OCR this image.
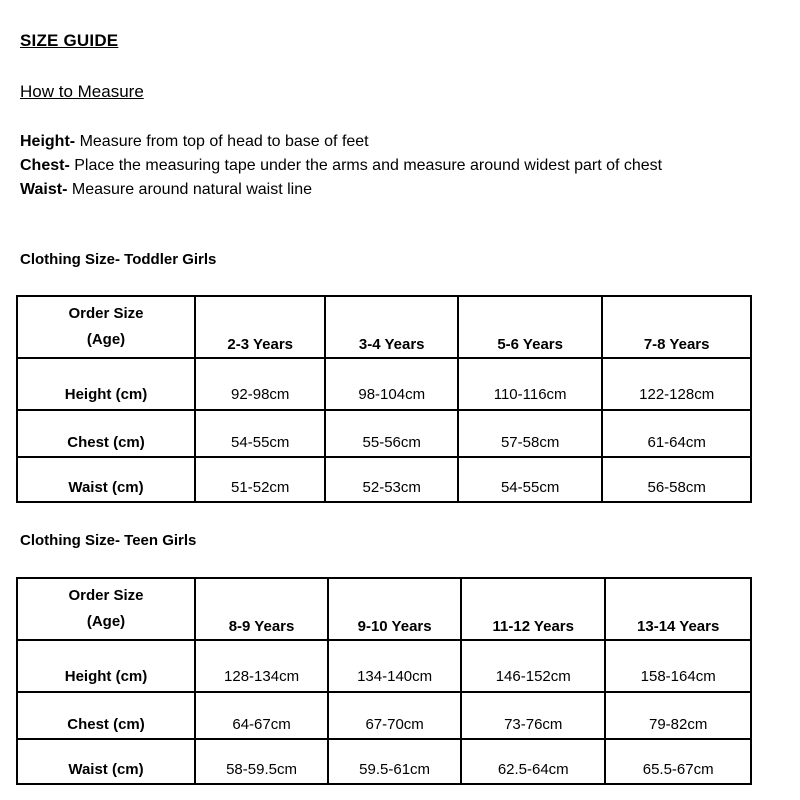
SIZE GUIDE
How to Measure
Height- Measure from top of head to base of feet
Chest- Place the measuring tape under the arms and measure around widest part of chest
Waist- Measure around natural waist line
Clothing Size- Toddler Girls
Order Size
(Age)	2-3 Years	3-4 Years	5-6 Years	7-8 Years
Height (cm)	92-98cm	98-104cm	110-116cm	122-128cm
Chest (cm)	54-55cm	55-56cm	57-58cm	61-64cm
Waist (cm)	51-52cm	52-53cm	54-55cm	56-58cm
Clothing Size- Teen Girls
Order Size
(Age)	8-9 Years	9-10 Years	11-12 Years	13-14 Years
Height (cm)	128-134cm	134-140cm	146-152cm	158-164cm
Chest (cm)	64-67cm	67-70cm	73-76cm	79-82cm
Waist (cm)	58-59.5cm	59.5-61cm	62.5-64cm	65.5-67cm
